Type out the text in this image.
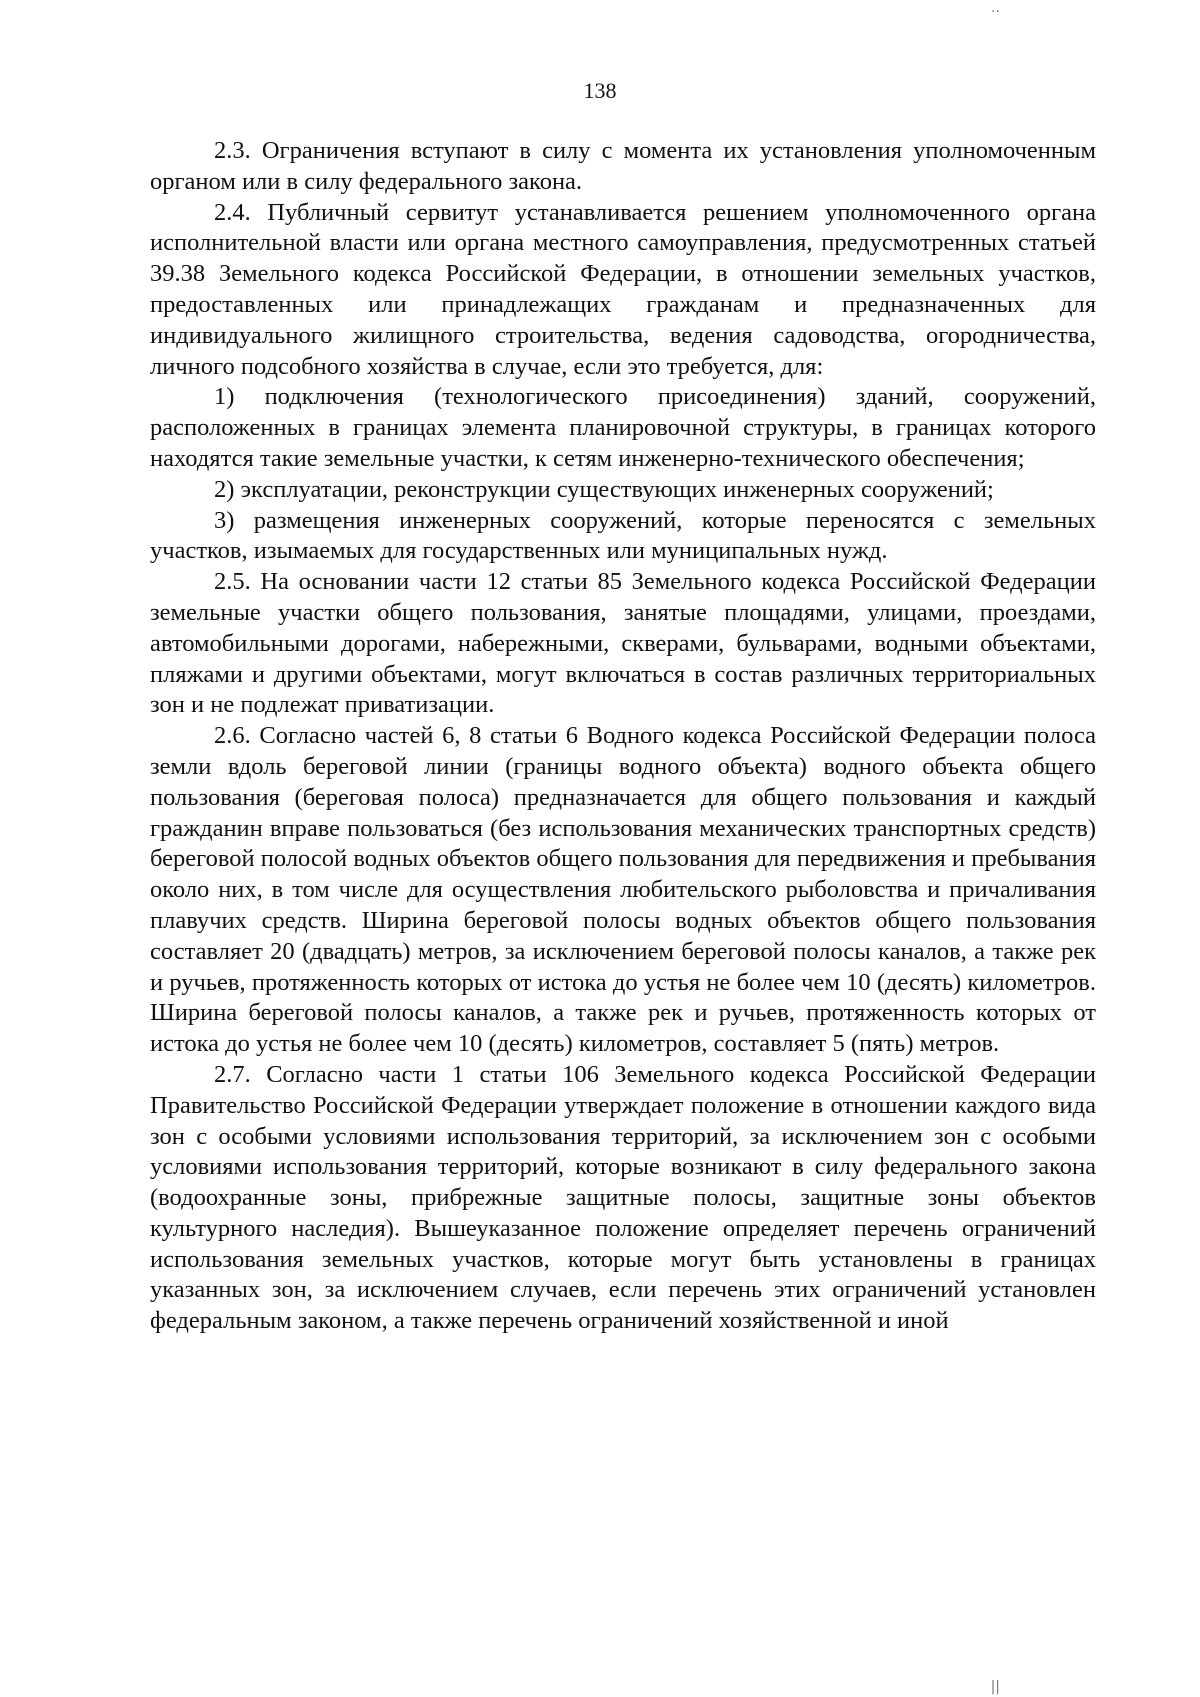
138

2.3. Ограничения вступают в силу с момента их установления уполномоченным органом или в силу федерального закона.

2.4. Публичный сервитут устанавливается решением уполномоченного органа исполнительной власти или органа местного самоуправления, предусмотренных статьей 39.38 Земельного кодекса Российской Федерации, в отношении земельных участков, предоставленных или принадлежащих гражданам и предназначенных для индивидуального жилищного строительства, ведения садоводства, огородничества, личного подсобного хозяйства в случае, если это требуется, для:

1) подключения (технологического присоединения) зданий, сооружений, расположенных в границах элемента планировочной структуры, в границах которого находятся такие земельные участки, к сетям инженерно-технического обеспечения;

2) эксплуатации, реконструкции существующих инженерных сооружений;

3) размещения инженерных сооружений, которые переносятся с земельных участков, изымаемых для государственных или муниципальных нужд.

2.5. На основании части 12 статьи 85 Земельного кодекса Российской Федерации земельные участки общего пользования, занятые площадями, улицами, проездами, автомобильными дорогами, набережными, скверами, бульварами, водными объектами, пляжами и другими объектами, могут включаться в состав различных территориальных зон и не подлежат приватизации.

2.6. Согласно частей 6, 8 статьи 6 Водного кодекса Российской Федерации полоса земли вдоль береговой линии (границы водного объекта) водного объекта общего пользования (береговая полоса) предназначается для общего пользования и каждый гражданин вправе пользоваться (без использования механических транспортных средств) береговой полосой водных объектов общего пользования для передвижения и пребывания около них, в том числе для осуществления любительского рыболовства и причаливания плавучих средств. Ширина береговой полосы водных объектов общего пользования составляет 20 (двадцать) метров, за исключением береговой полосы каналов, а также рек и ручьев, протяженность которых от истока до устья не более чем 10 (десять) километров. Ширина береговой полосы каналов, а также рек и ручьев, протяженность которых от истока до устья не более чем 10 (десять) километров, составляет 5 (пять) метров.

2.7. Согласно части 1 статьи 106 Земельного кодекса Российской Федерации Правительство Российской Федерации утверждает положение в отношении каждого вида зон с особыми условиями использования территорий, за исключением зон с особыми условиями использования территорий, которые возникают в силу федерального закона (водоохранные зоны, прибрежные защитные полосы, защитные зоны объектов культурного наследия). Вышеуказанное положение определяет перечень ограничений использования земельных участков, которые могут быть установлены в границах указанных зон, за исключением случаев, если перечень этих ограничений установлен федеральным законом, а также перечень ограничений хозяйственной и иной

..
||
